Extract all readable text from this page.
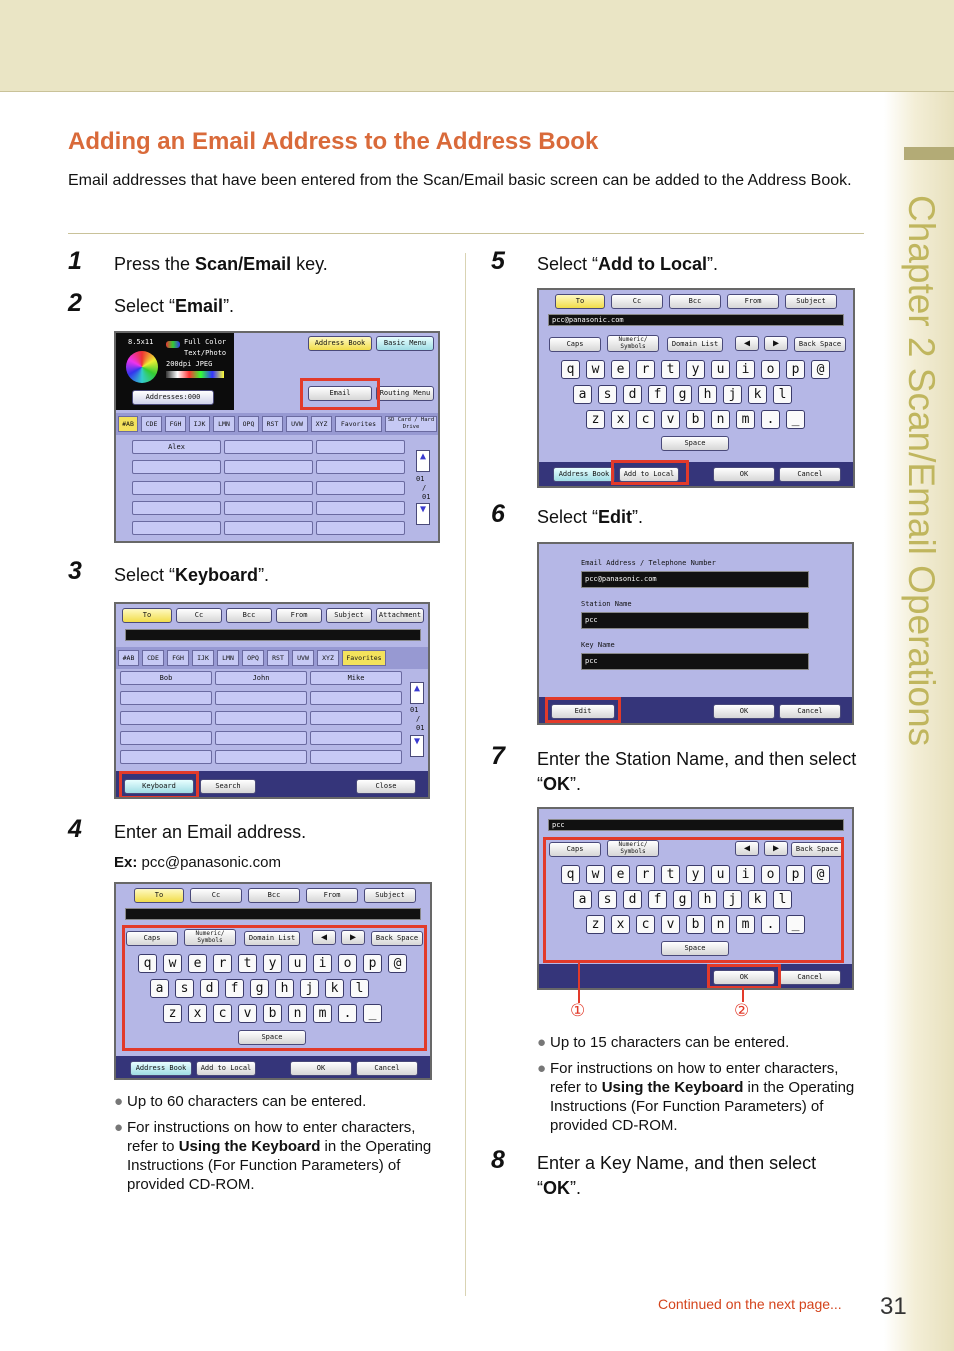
Chapter 2 Scan/Email Operations
Adding an Email Address to the Address Book

Email addresses that have been entered from the Scan/Email basic screen can be added to the Address Book.

1 Press the Scan/Email key.
2 Select “Email”.
8.5x11	Full Color
Text/Photo
200dpi JPEG
Addresses:000
Address Book	Basic Menu
Email	Routing Menu
#AB	CDE	FGH	IJK	LMN	OPQ	RST	UVW	XYZ	Favorites	SD Card / Hard Drive
Alex
▲
01
/
01
▼
3 Select “Keyboard”.
To	Cc	Bcc	From	Subject	Attachment
#AB	CDE	FGH	IJK	LMN	OPQ	RST	UVW	XYZ	Favorites
Bob	John	Mike
▲
01
/
01
▼
Keyboard	Search	Close
4 Enter an Email address.
Ex: pcc@panasonic.com
To	Cc	Bcc	From	Subject
Caps
Numeric/ Symbols	Domain List	◀	▶	Back Space
q	w	e	r	t	y	u	i	o	p	@
a	s	d	f	g	h	j	k	l
z	x	c	v	b	n	m	.	_
Space
Address Book	Add to Local	OK	Cancel
● Up to 60 characters can be entered.
● For instructions on how to enter characters, refer to Using the Keyboard in the Operating Instructions (For Function Parameters) of provided CD-ROM.
5 Select “Add to Local”.
To	Cc	Bcc	From	Subject
pcc@panasonic.com
Caps
Numeric/ Symbols	Domain List	◀	▶	Back Space
q	w	e	r	t	y	u	i	o	p	@
a	s	d	f	g	h	j	k	l
z	x	c	v	b	n	m	.	_
Space
Address Book	Add to Local	OK	Cancel
6 Select “Edit”.
Email Address / Telephone Number
pcc@panasonic.com
Station Name
pcc
Key Name
pcc
Edit	OK	Cancel
7 Enter the Station Name, and then select “OK”.
pcc
Caps
Numeric/ Symbols	◀	▶	Back Space
q	w	e	r	t	y	u	i	o	p	@
a	s	d	f	g	h	j	k	l
z	x	c	v	b	n	m	.	_
Space
OK	Cancel
①	②
● Up to 15 characters can be entered.
● For instructions on how to enter characters, refer to Using the Keyboard in the Operating Instructions (For Function Parameters) of provided CD-ROM.
8 Enter a Key Name, and then select “OK”.
Continued on the next page... 31
